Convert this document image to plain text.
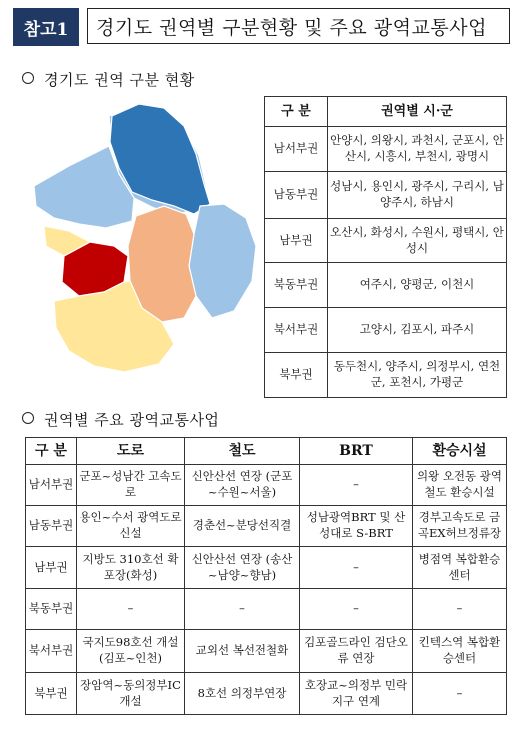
참고1	경기도 권역별 구분현황 및 주요 광역교통사업
경기도 권역 구분 현황
구 분	권역별 시·군
남서부권	안양시, 의왕시, 과천시, 군포시, 안산시, 시흥시, 부천시, 광명시
남동부권	성남시, 용인시, 광주시, 구리시, 남양주시, 하남시
남부권	오산시, 화성시, 수원시, 평택시, 안성시
북동부권	여주시, 양평군, 이천시
북서부권	고양시, 김포시, 파주시
북부권	동두천시, 양주시, 의정부시, 연천군, 포천시, 가평군
권역별 주요 광역교통사업
구 분	도로	철도	BRT	환승시설
남서부권	군포~성남간 고속도로	신안산선 연장 (군포~수원~서울)	–	의왕 오전동 광역철도 환승시설
남동부권	용인~수서 광역도로신설	경춘선~분당선직결	성남광역BRT 및 산성대로 S-BRT	경부고속도로 금곡EX허브정류장
남부권	지방도 310호선 확포장(화성)	신안산선 연장 (송산~남양~향남)	–	병점역 복합환승센터
북동부권	–	–	–	–
북서부권	국지도98호선 개설 (김포~인천)	교외선 복선전철화	김포골드라인 검단오류 연장	킨텍스역 복합환승센터
북부권	장암역~동의정부IC개설	8호선 의정부연장	호장교~의정부 민락지구 연계	–
